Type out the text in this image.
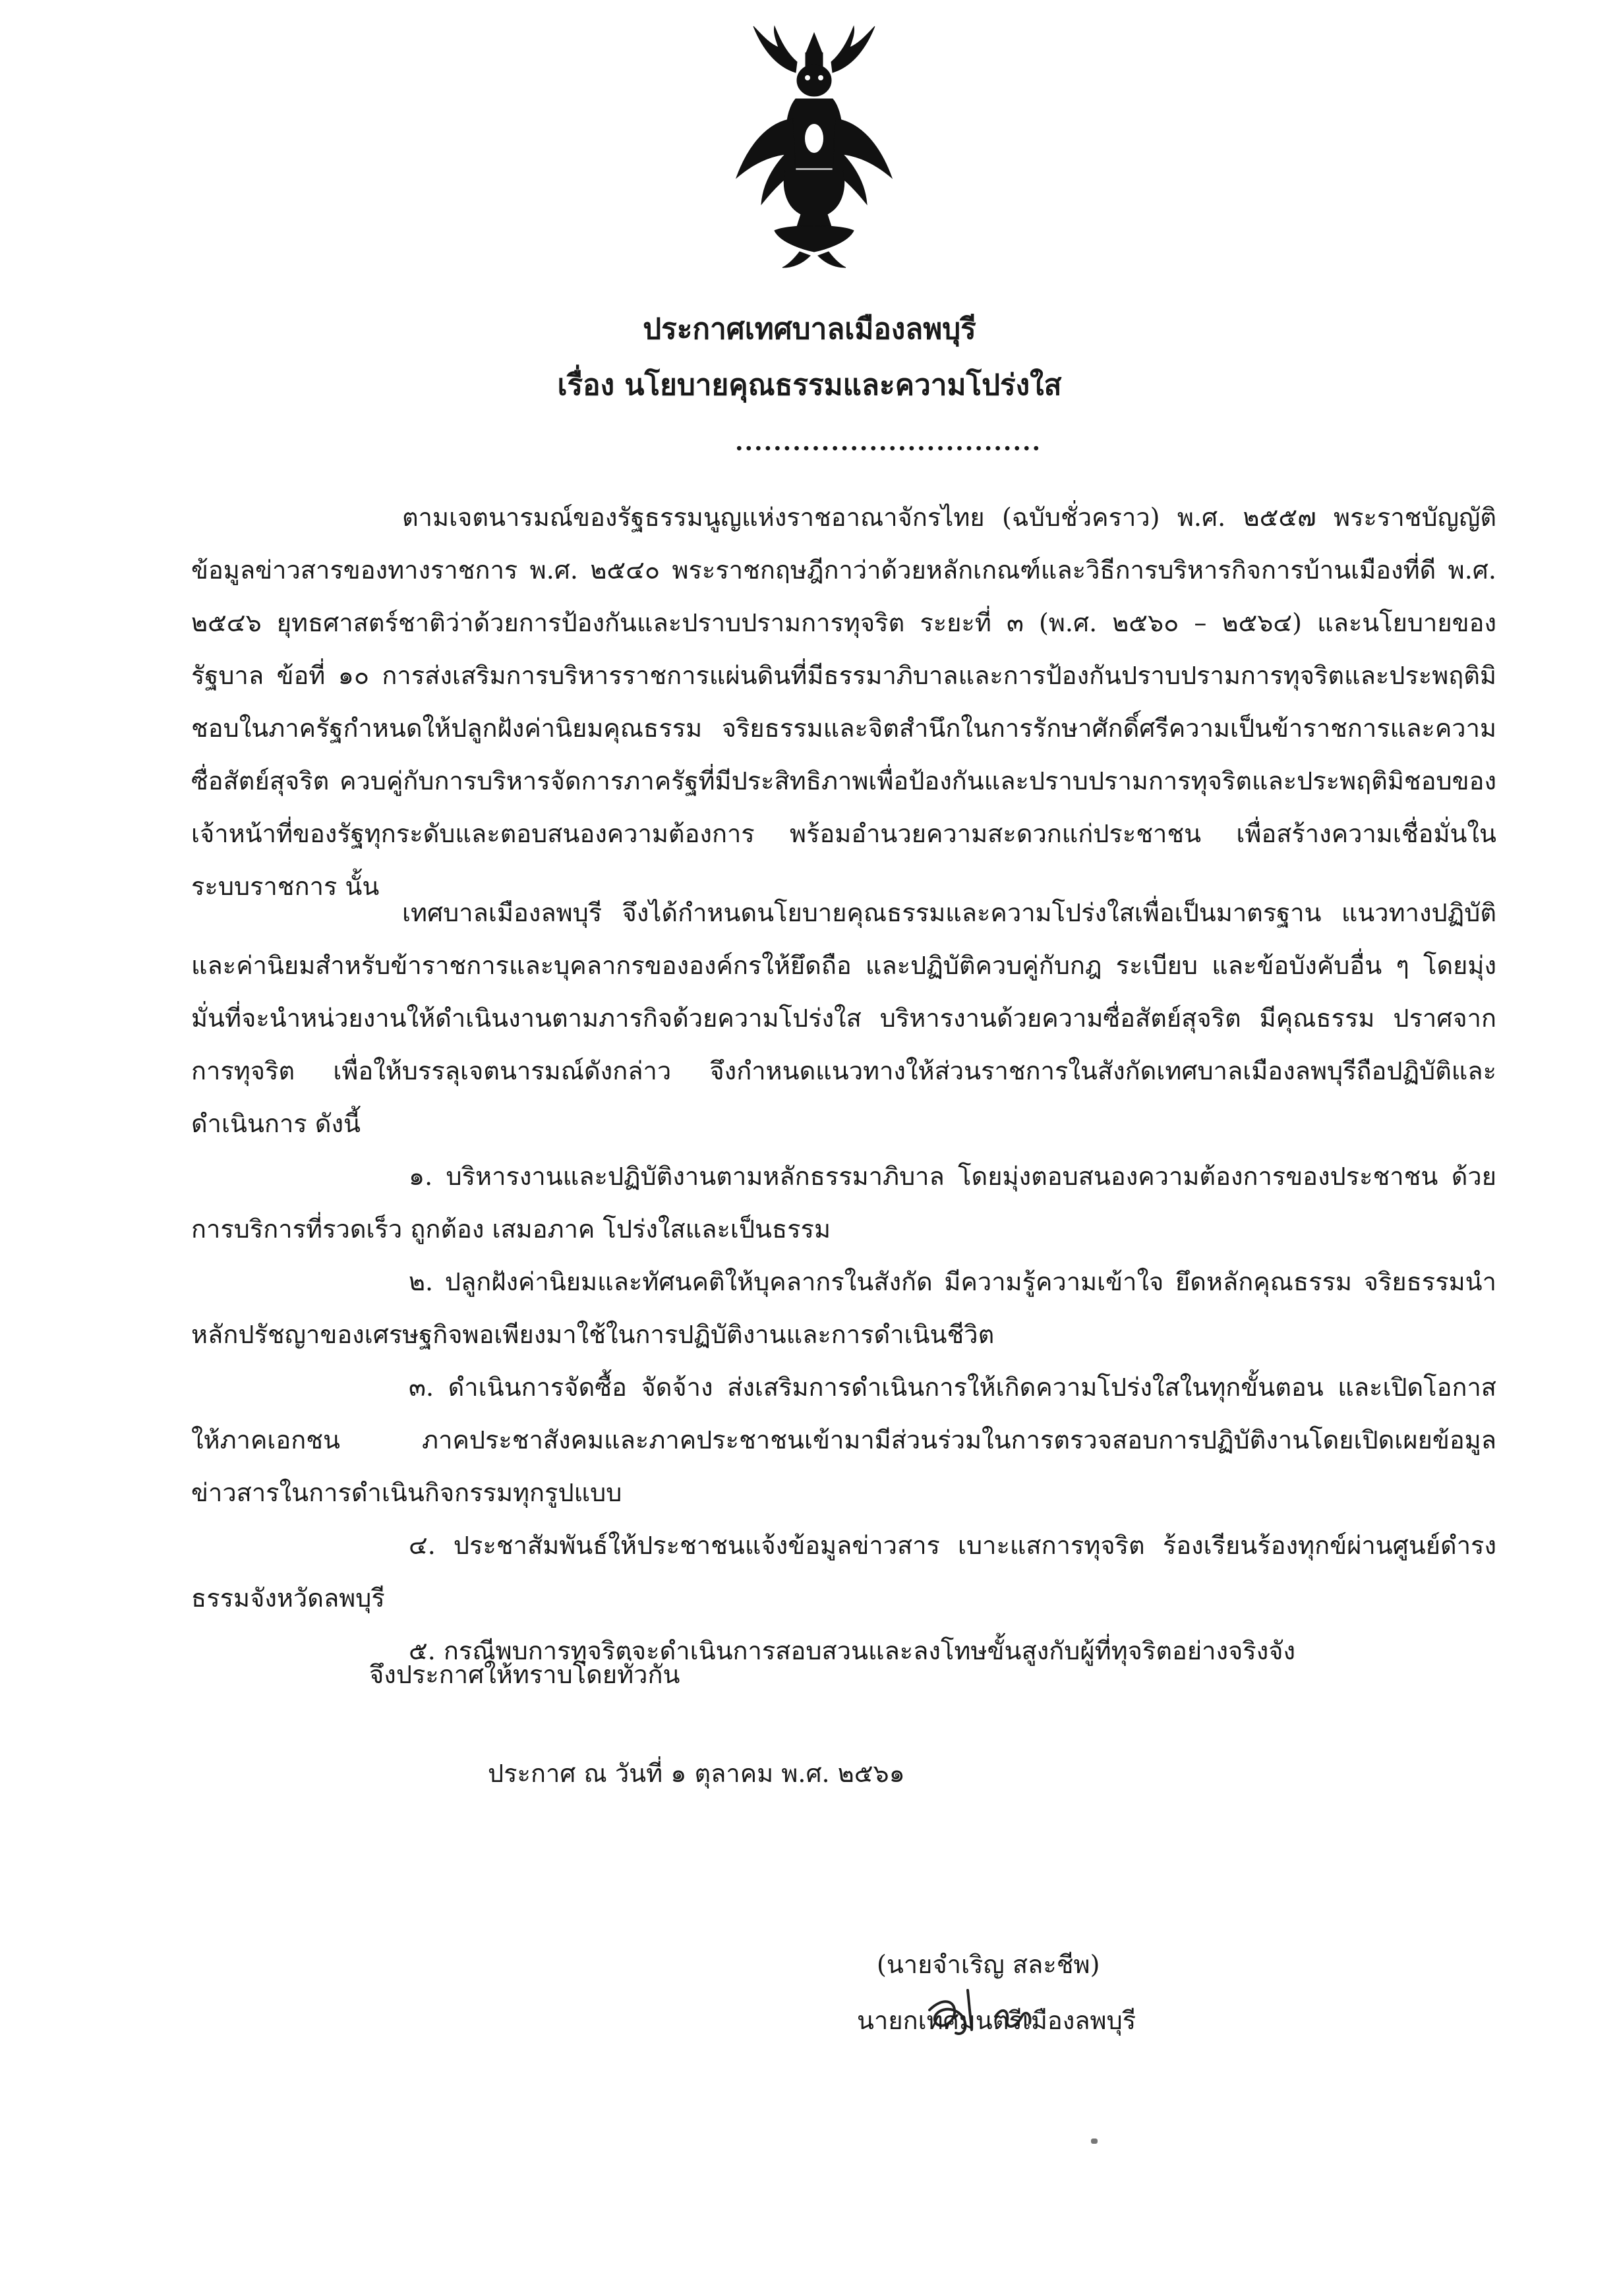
ประกาศเทศบาลเมืองลพบุรี
เรื่อง นโยบายคุณธรรมและความโปร่งใส
................................

ตามเจตนารมณ์ของรัฐธรรมนูญแห่งราชอาณาจักรไทย (ฉบับชั่วคราว) พ.ศ. ๒๕๕๗ พระราชบัญญัติข้อมูลข่าวสารของทางราชการ พ.ศ. ๒๕๔๐ พระราชกฤษฎีกาว่าด้วยหลักเกณฑ์และวิธีการบริหารกิจการบ้านเมืองที่ดี พ.ศ. ๒๕๔๖ ยุทธศาสตร์ชาติว่าด้วยการป้องกันและปราบปรามการทุจริต ระยะที่ ๓ (พ.ศ. ๒๕๖๐ – ๒๕๖๔) และนโยบายของรัฐบาล ข้อที่ ๑๐ การส่งเสริมการบริหารราชการแผ่นดินที่มีธรรมาภิบาลและการป้องกันปราบปรามการทุจริตและประพฤติมิชอบในภาครัฐกำหนดให้ปลูกฝังค่านิยมคุณธรรม จริยธรรมและจิตสำนึกในการรักษาศักดิ์ศรีความเป็นข้าราชการและความซื่อสัตย์สุจริต ควบคู่กับการบริหารจัดการภาครัฐที่มีประสิทธิภาพเพื่อป้องกันและปราบปรามการทุจริตและประพฤติมิชอบของเจ้าหน้าที่ของรัฐทุกระดับและตอบสนองความต้องการ พร้อมอำนวยความสะดวกแก่ประชาชน เพื่อสร้างความเชื่อมั่นในระบบราชการ นั้น

เทศบาลเมืองลพบุรี จึงได้กำหนดนโยบายคุณธรรมและความโปร่งใสเพื่อเป็นมาตรฐาน แนวทางปฏิบัติและค่านิยมสำหรับข้าราชการและบุคลากรขององค์กรให้ยึดถือ และปฏิบัติควบคู่กับกฎ ระเบียบ และข้อบังคับอื่น ๆ โดยมุ่งมั่นที่จะนำหน่วยงานให้ดำเนินงานตามภารกิจด้วยความโปร่งใส บริหารงานด้วยความซื่อสัตย์สุจริต มีคุณธรรม ปราศจากการทุจริต เพื่อให้บรรลุเจตนารมณ์ดังกล่าว จึงกำหนดแนวทางให้ส่วนราชการในสังกัดเทศบาลเมืองลพบุรีถือปฏิบัติและดำเนินการ ดังนี้

๑. บริหารงานและปฏิบัติงานตามหลักธรรมาภิบาล โดยมุ่งตอบสนองความต้องการของประชาชน ด้วยการบริการที่รวดเร็ว ถูกต้อง เสมอภาค โปร่งใสและเป็นธรรม

๒. ปลูกฝังค่านิยมและทัศนคติให้บุคลากรในสังกัด มีความรู้ความเข้าใจ ยึดหลักคุณธรรม จริยธรรมนำหลักปรัชญาของเศรษฐกิจพอเพียงมาใช้ในการปฏิบัติงานและการดำเนินชีวิต

๓. ดำเนินการจัดซื้อ จัดจ้าง ส่งเสริมการดำเนินการให้เกิดความโปร่งใสในทุกขั้นตอน และเปิดโอกาสให้ภาคเอกชน ภาคประชาสังคมและภาคประชาชนเข้ามามีส่วนร่วมในการตรวจสอบการปฏิบัติงานโดยเปิดเผยข้อมูลข่าวสารในการดำเนินกิจกรรมทุกรูปแบบ

๔. ประชาสัมพันธ์ให้ประชาชนแจ้งข้อมูลข่าวสาร เบาะแสการทุจริต ร้องเรียนร้องทุกข์ผ่านศูนย์ดำรงธรรมจังหวัดลพบุรี

๕. กรณีพบการทุจริตจะดำเนินการสอบสวนและลงโทษขั้นสูงกับผู้ที่ทุจริตอย่างจริงจัง

จึงประกาศให้ทราบโดยทั่วกัน
ประกาศ ณ วันที่ ๑ ตุลาคม พ.ศ. ๒๕๖๑
(นายจำเริญ สละชีพ)
นายกเทศมนตรีเมืองลพบุรี
